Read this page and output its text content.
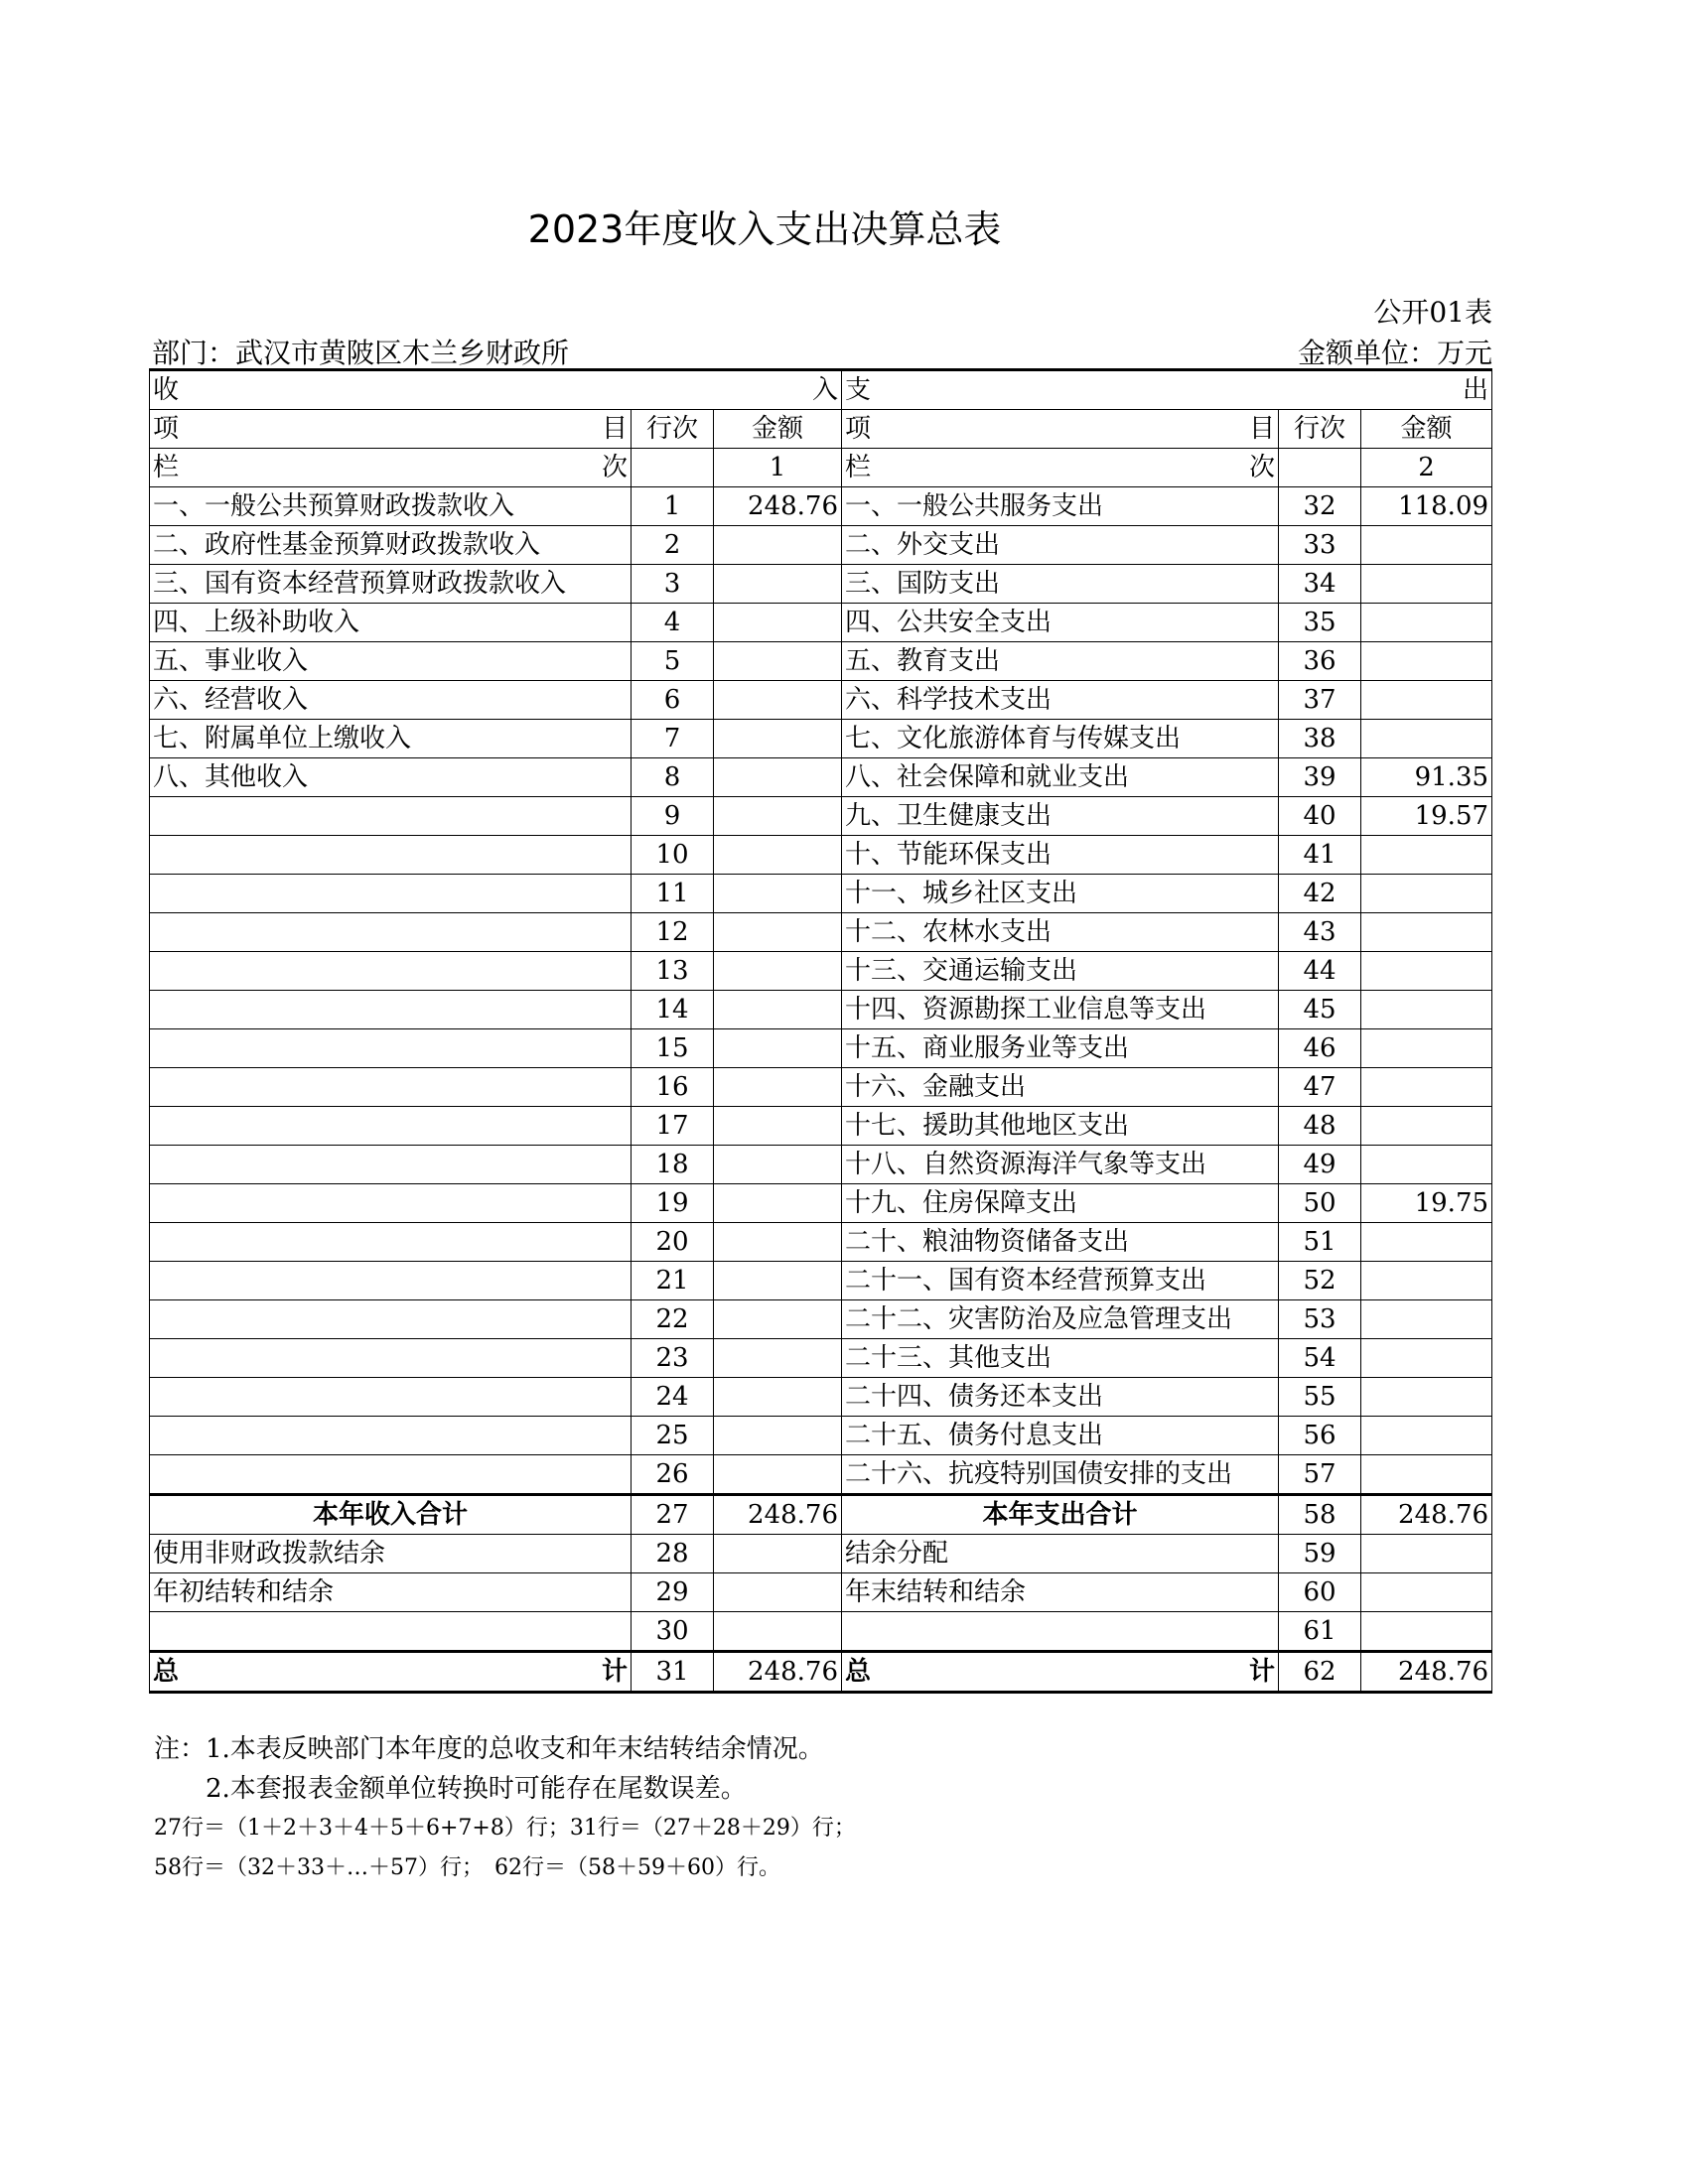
2023年度收入支出决算总表
公开01表
部门：武汉市黄陂区木兰乡财政所	金额单位：万元
收 入			支 出		

项 目	行次	金额	项 目	行次	金额

栏 次		1	栏 次		2
一、一般公共预算财政拨款收入	1	248.76	一、一般公共服务支出	32	118.09
二、政府性基金预算财政拨款收入	2		二、外交支出	33	
三、国有资本经营预算财政拨款收入	3		三、国防支出	34	
四、上级补助收入	4		四、公共安全支出	35	
五、事业收入	5		五、教育支出	36	
六、经营收入	6		六、科学技术支出	37	
七、附属单位上缴收入	7		七、文化旅游体育与传媒支出	38	
八、其他收入	8		八、社会保障和就业支出	39	91.35
	9		九、卫生健康支出	40	19.57
	10		十、节能环保支出	41	
	11		十一、城乡社区支出	42	
	12		十二、农林水支出	43	
	13		十三、交通运输支出	44	
	14		十四、资源勘探工业信息等支出	45	
	15		十五、商业服务业等支出	46	
	16		十六、金融支出	47	
	17		十七、援助其他地区支出	48	
	18		十八、自然资源海洋气象等支出	49	
	19		十九、住房保障支出	50	19.75
	20		二十、粮油物资储备支出	51	
	21		二十一、国有资本经营预算支出	52	
	22		二十二、灾害防治及应急管理支出	53	
	23		二十三、其他支出	54	
	24		二十四、债务还本支出	55	
	25		二十五、债务付息支出	56	
	26		二十六、抗疫特别国债安排的支出	57	
本年收入合计	27	248.76	本年支出合计	58	248.76
使用非财政拨款结余	28		结余分配	59	
年初结转和结余	29		年末结转和结余	60	
	30			61	

总 计	31	248.76	总 计	62	248.76
注：1.本表反映部门本年度的总收支和年末结转结余情况。
2.本套报表金额单位转换时可能存在尾数误差。
27行＝（1＋2＋3＋4＋5＋6+7+8）行；31行＝（27＋28＋29）行；
58行＝（32＋33＋…＋57）行；　62行＝（58＋59＋60）行。
